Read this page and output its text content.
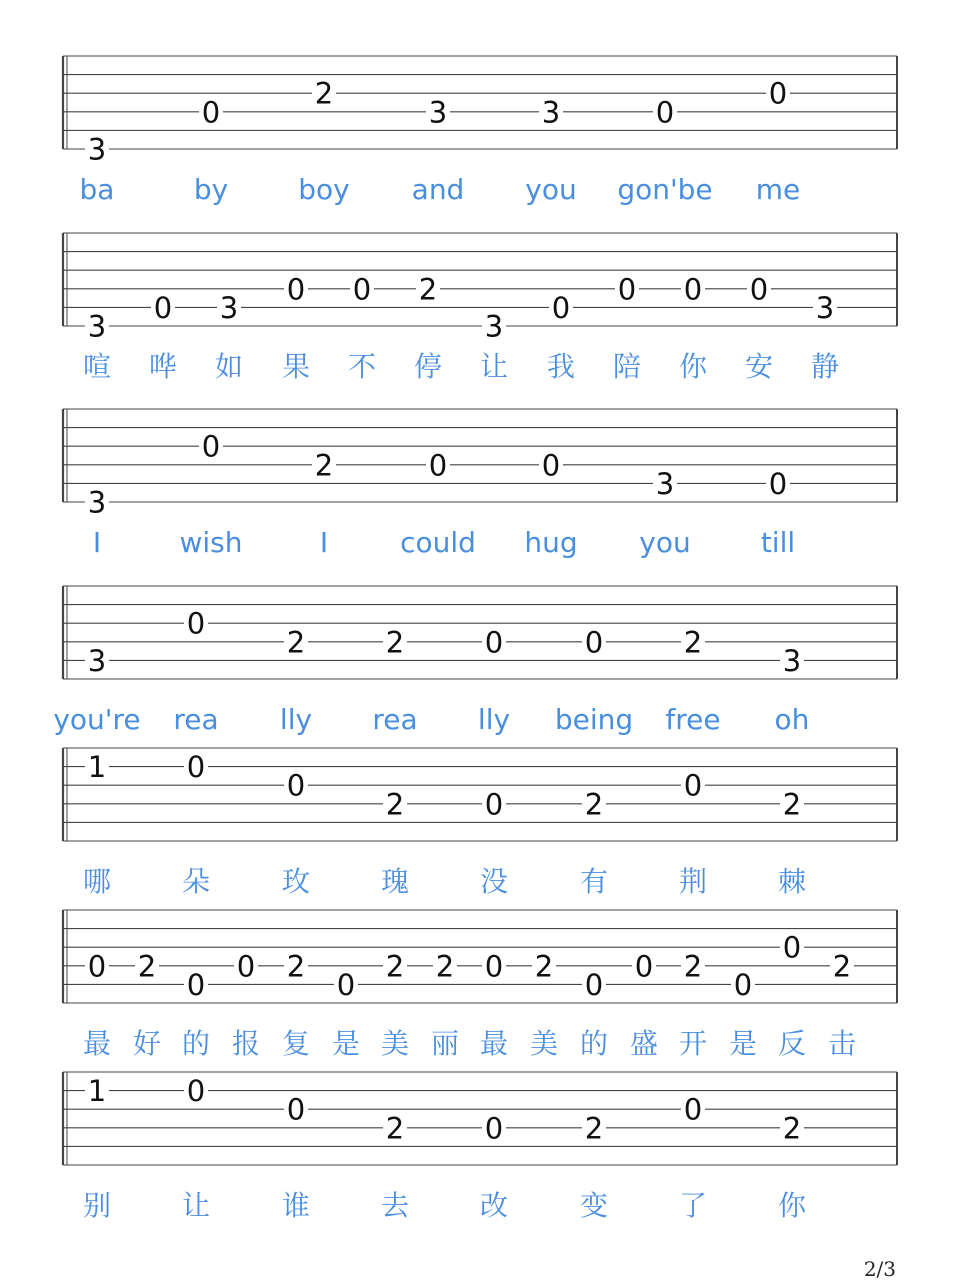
2/3
3
0
2
3	3	0
0
ba	by	boy and you gon'be me
3
0 3
0 0 2
3
0
0 0 0
3
喧 哗 如 果 不 停 让 我 陪 你 安 静
3
0
2	0	0
3	0
I	wish	I	could hug you	till
3
0
2	2	0	0	2
3
you're rea lly rea lly being free oh
1	0
0
2	0	2
0
2
哪	朵	玫	瑰	没	有	荆	棘
0 2
0
0 2
0
2 2 0 2
0
0 2
0
0
2
最 好 的 报 复 是 美 丽 最 美 的 盛 开 是 反 击
1	0
0
2	0	2
0
2
别	让	谁	去	改	变	了	你
